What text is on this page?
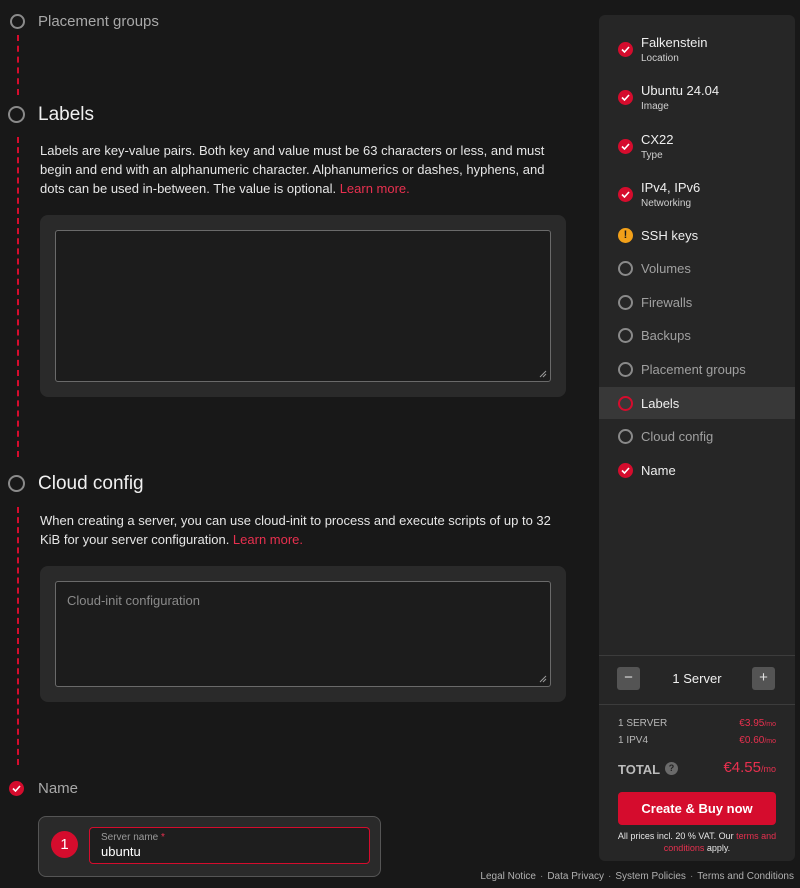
Placement groups
Labels
Labels are key-value pairs. Both key and value must be 63 characters or less, and must begin and end with an alphanumeric character. Alphanumerics or dashes, hyphens, and dots can be used in-between. The value is optional. Learn more.
Cloud config
When creating a server, you can use cloud-init to process and execute scripts of up to 32 KiB for your server configuration. Learn more.
Cloud-init configuration
Name
1	Server name *
ubuntu
Falkenstein
Location
Ubuntu 24.04
Image
CX22
Type
IPv4, IPv6
Networking
!	SSH keys
Volumes
Firewalls
Backups
Placement groups
Labels
Cloud config
Name
−	1 Server	+
1 SERVER	€3.95/mo
1 IPV4	€0.60/mo
TOTAL ?	€4.55/mo
Create & Buy now
All prices incl. 20 % VAT. Our terms and conditions apply.
Legal Notice · Data Privacy · System Policies · Terms and Conditions
